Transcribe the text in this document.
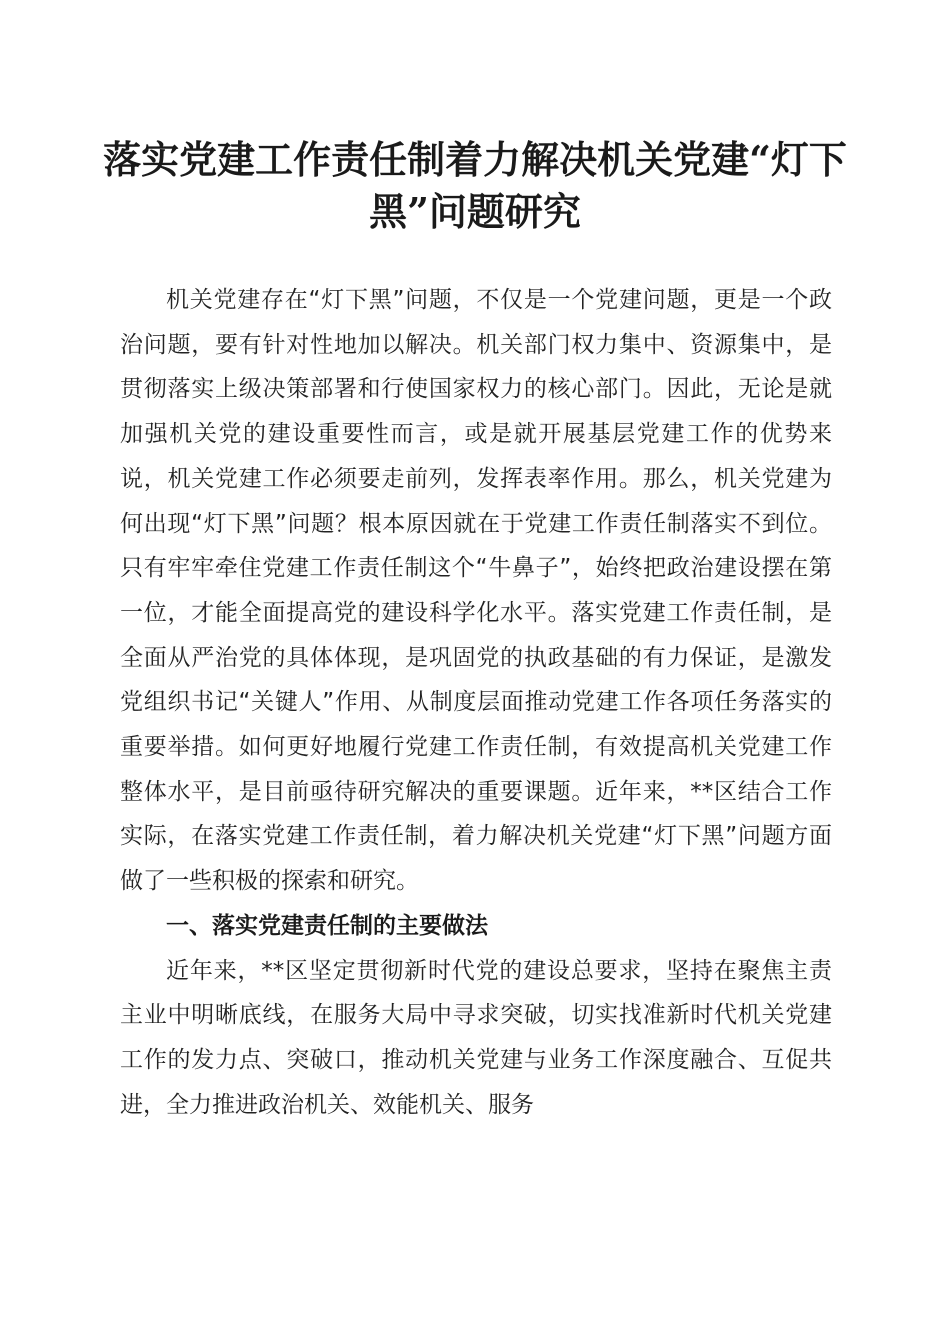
落实党建工作责任制着力解决机关党建“灯下
黑”问题研究

机关党建存在“灯下黑”问题，不仅是一个党建问题，更是一个政治问题，要有针对性地加以解决。机关部门权力集中、资源集中，是贯彻落实上级决策部署和行使国家权力的核心部门。因此，无论是就加强机关党的建设重要性而言，或是就开展基层党建工作的优势来说，机关党建工作必须要走前列，发挥表率作用。那么，机关党建为何出现“灯下黑”问题？根本原因就在于党建工作责任制落实不到位。只有牢牢牵住党建工作责任制这个“牛鼻子”，始终把政治建设摆在第一位，才能全面提高党的建设科学化水平。落实党建工作责任制，是全面从严治党的具体体现，是巩固党的执政基础的有力保证，是激发党组织书记“关键人”作用、从制度层面推动党建工作各项任务落实的重要举措。如何更好地履行党建工作责任制，有效提高机关党建工作整体水平，是目前亟待研究解决的重要课题。近年来，**区结合工作实际，在落实党建工作责任制，着力解决机关党建“灯下黑”问题方面做了一些积极的探索和研究。

一、落实党建责任制的主要做法

近年来，**区坚定贯彻新时代党的建设总要求，坚持在聚焦主责主业中明晰底线，在服务大局中寻求突破，切实找准新时代机关党建工作的发力点、突破口，推动机关党建与业务工作深度融合、互促共进，全力推进政治机关、效能机关、服务
